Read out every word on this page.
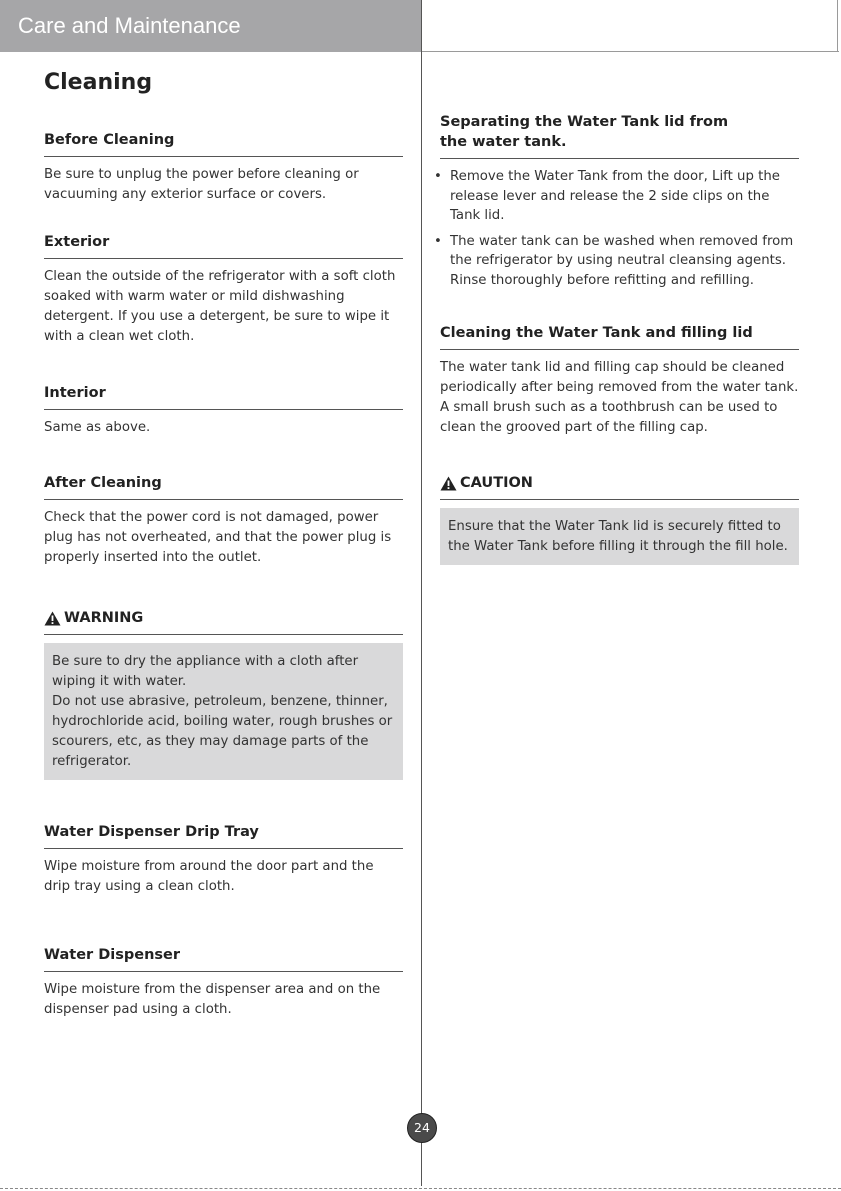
Care and Maintenance
Cleaning
Before Cleaning

Be sure to unplug the power before cleaning or vacuuming any exterior surface or covers.

Exterior

Clean the outside of the refrigerator with a soft cloth soaked with warm water or mild dishwashing detergent. If you use a detergent, be sure to wipe it with a clean wet cloth.

Interior

Same as above.

After Cleaning

Check that the power cord is not damaged, power plug has not overheated, and that the power plug is properly inserted into the outlet.

WARNING

Be sure to dry the appliance with a cloth after wiping it with water.

Do not use abrasive, petroleum, benzene, thinner, hydrochloride acid, boiling water, rough brushes or scourers, etc, as they may damage parts of the refrigerator.

Water Dispenser Drip Tray

Wipe moisture from around the door part and the drip tray using a clean cloth.

Water Dispenser

Wipe moisture from the dispenser area and on the dispenser pad using a cloth.

Separating the Water Tank lid from
the water tank.
• Remove the Water Tank from the door, Lift up the release lever and release the 2 side clips on the Tank lid.
• The water tank can be washed when removed from the refrigerator by using neutral cleansing agents. Rinse thoroughly before refitting and refilling.
Cleaning the Water Tank and filling lid

The water tank lid and filling cap should be cleaned periodically after being removed from the water tank. A small brush such as a toothbrush can be used to clean the grooved part of the filling cap.

CAUTION

Ensure that the Water Tank lid is securely fitted to the Water Tank before filling it through the fill hole.

24
